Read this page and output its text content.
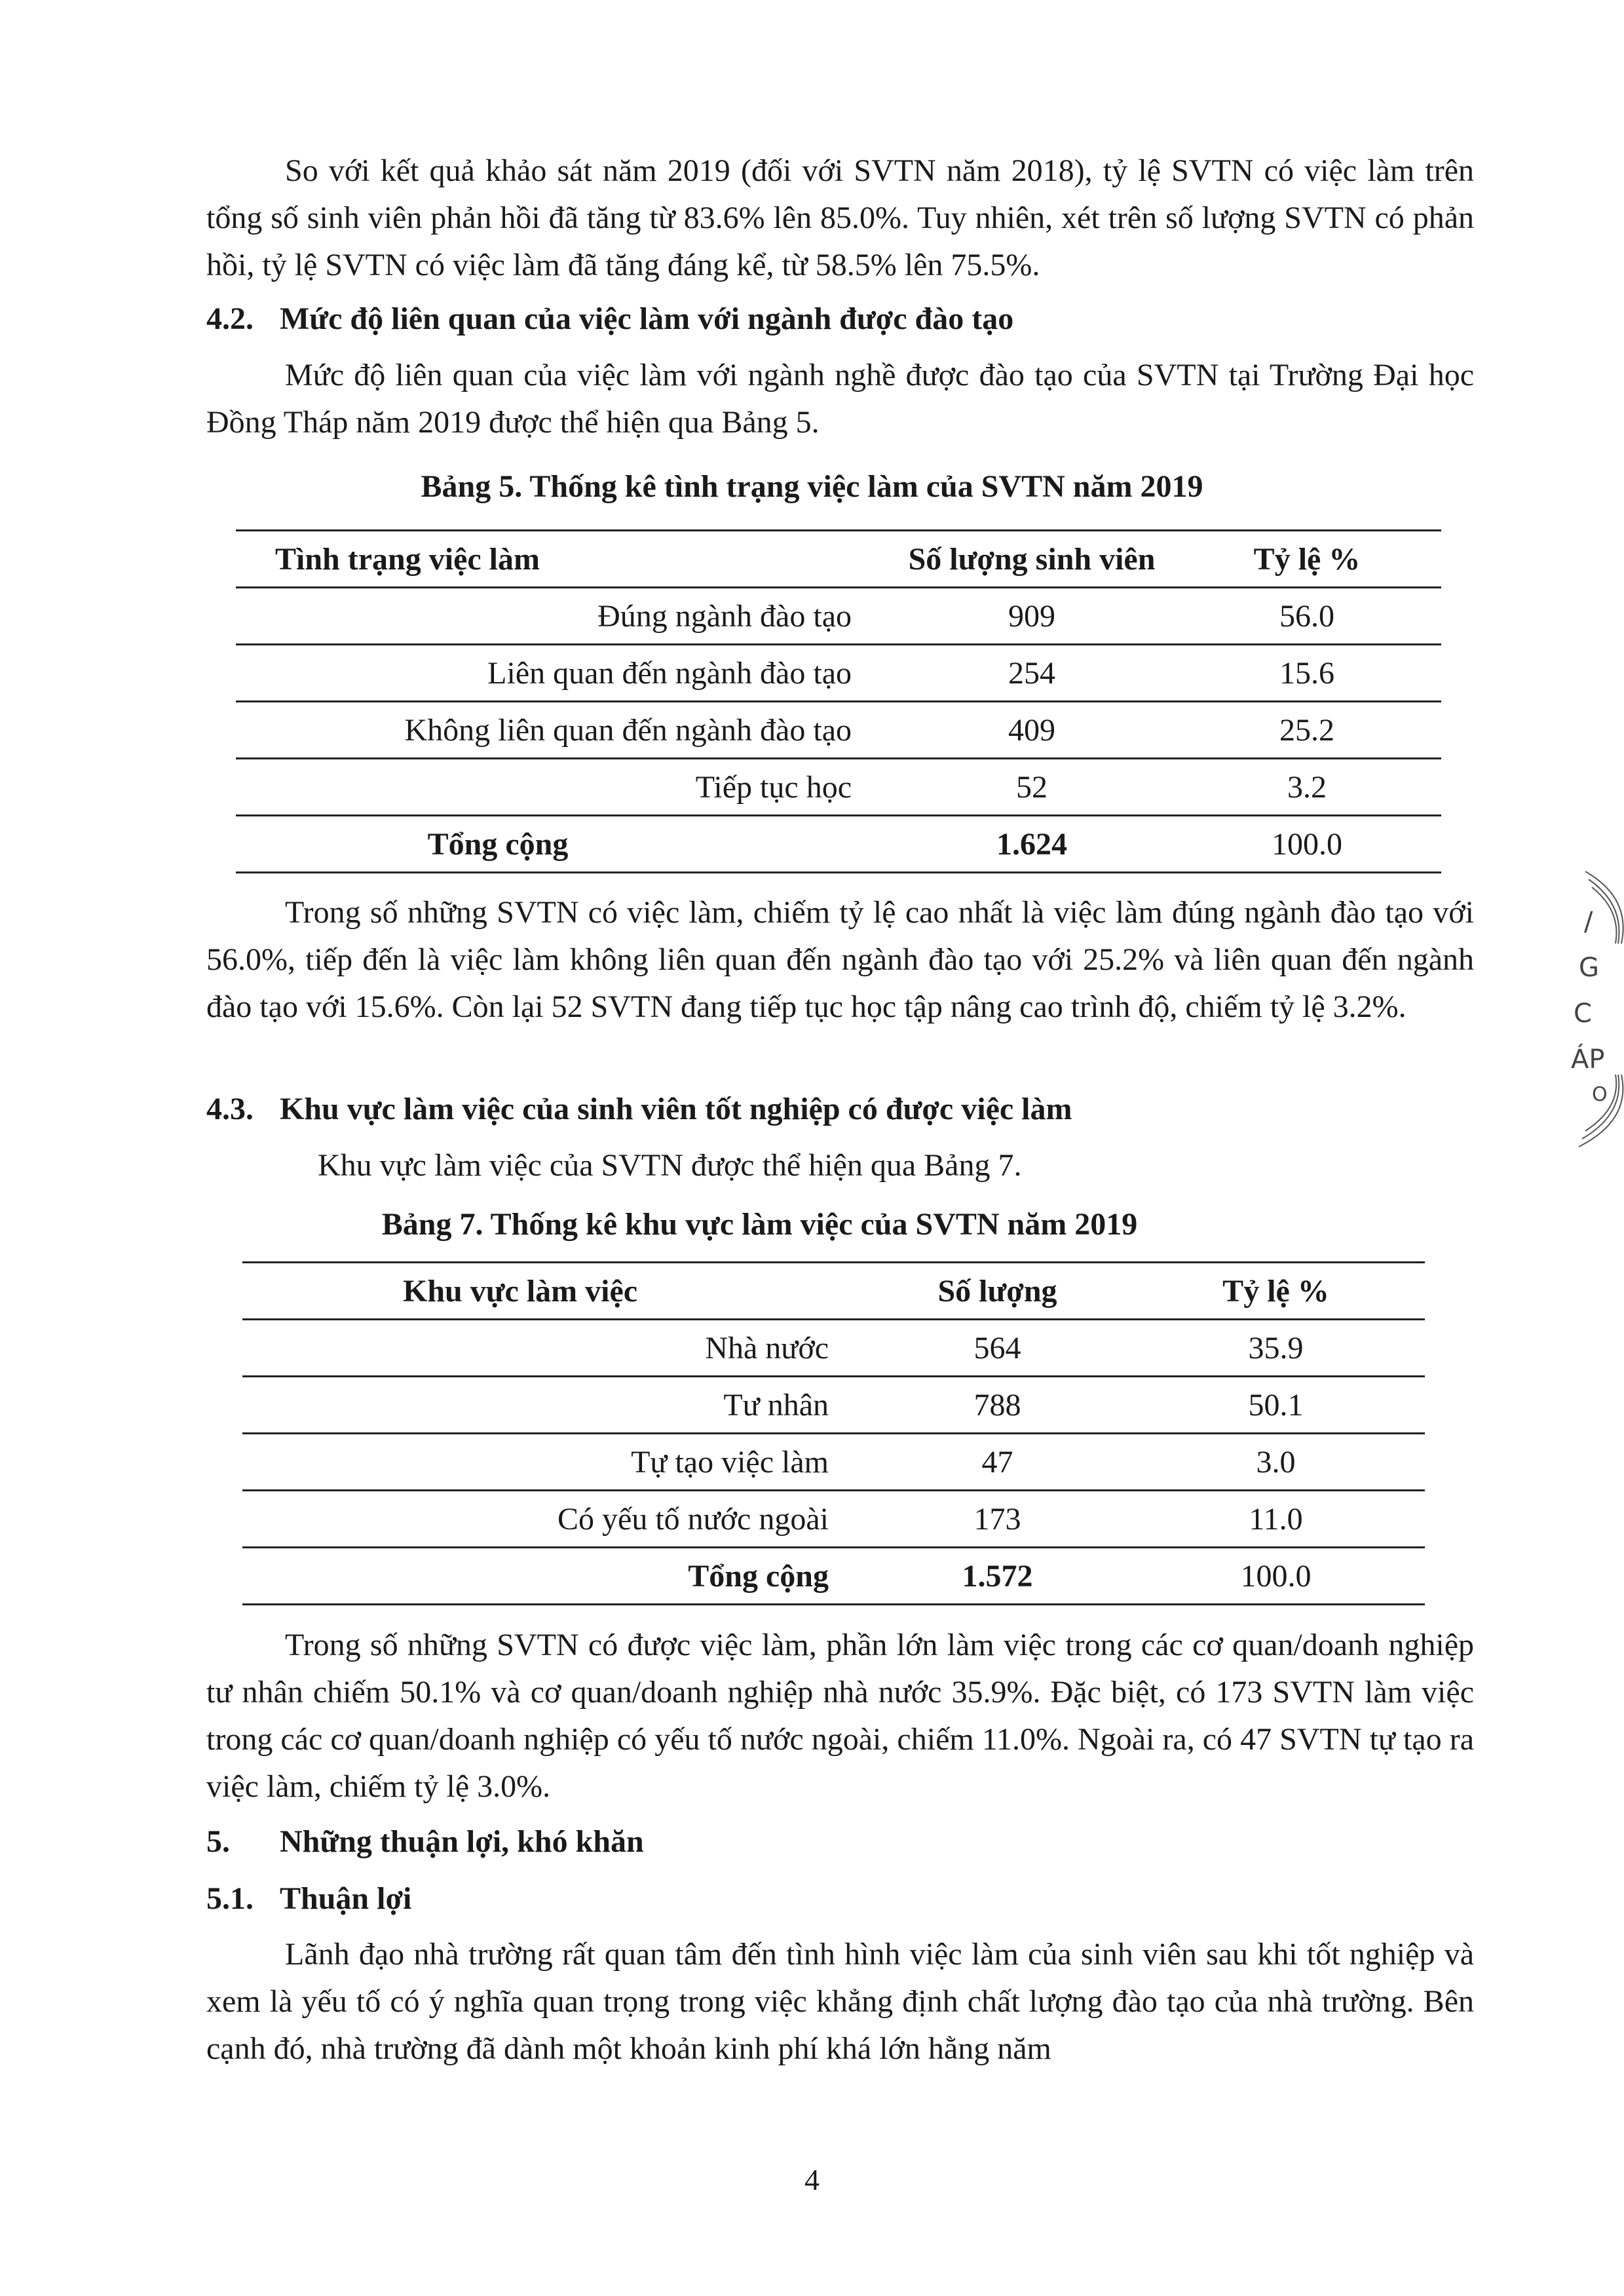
So với kết quả khảo sát năm 2019 (đối với SVTN năm 2018), tỷ lệ SVTN có việc làm trên tổng số sinh viên phản hồi đã tăng từ 83.6% lên 85.0%. Tuy nhiên, xét trên số lượng SVTN có phản hồi, tỷ lệ SVTN có việc làm đã tăng đáng kể, từ 58.5% lên 75.5%.

4.2. Mức độ liên quan của việc làm với ngành được đào tạo

Mức độ liên quan của việc làm với ngành nghề được đào tạo của SVTN tại Trường Đại học Đồng Tháp năm 2019 được thể hiện qua Bảng 5.

Bảng 5. Thống kê tình trạng việc làm của SVTN năm 2019

Tình trạng việc làm	Số lượng sinh viên	Tỷ lệ %
Đúng ngành đào tạo	909	56.0
Liên quan đến ngành đào tạo	254	15.6
Không liên quan đến ngành đào tạo	409	25.2
Tiếp tục học	52	3.2
Tổng cộng	1.624	100.0

Trong số những SVTN có việc làm, chiếm tỷ lệ cao nhất là việc làm đúng ngành đào tạo với 56.0%, tiếp đến là việc làm không liên quan đến ngành đào tạo với 25.2% và liên quan đến ngành đào tạo với 15.6%. Còn lại 52 SVTN đang tiếp tục học tập nâng cao trình độ, chiếm tỷ lệ 3.2%.

4.3. Khu vực làm việc của sinh viên tốt nghiệp có được việc làm

Khu vực làm việc của SVTN được thể hiện qua Bảng 7.

Bảng 7. Thống kê khu vực làm việc của SVTN năm 2019

Khu vực làm việc	Số lượng	Tỷ lệ %
Nhà nước	564	35.9
Tư nhân	788	50.1
Tự tạo việc làm	47	3.0
Có yếu tố nước ngoài	173	11.0
Tổng cộng	1.572	100.0

Trong số những SVTN có được việc làm, phần lớn làm việc trong các cơ quan/doanh nghiệp tư nhân chiếm 50.1% và cơ quan/doanh nghiệp nhà nước 35.9%. Đặc biệt, có 173 SVTN làm việc trong các cơ quan/doanh nghiệp có yếu tố nước ngoài, chiếm 11.0%. Ngoài ra, có 47 SVTN tự tạo ra việc làm, chiếm tỷ lệ 3.0%.

5. Những thuận lợi, khó khăn

5.1. Thuận lợi

Lãnh đạo nhà trường rất quan tâm đến tình hình việc làm của sinh viên sau khi tốt nghiệp và xem là yếu tố có ý nghĩa quan trọng trong việc khẳng định chất lượng đào tạo của nhà trường. Bên cạnh đó, nhà trường đã dành một khoản kinh phí khá lớn hằng năm

4

/
G
C
ÁP
O
